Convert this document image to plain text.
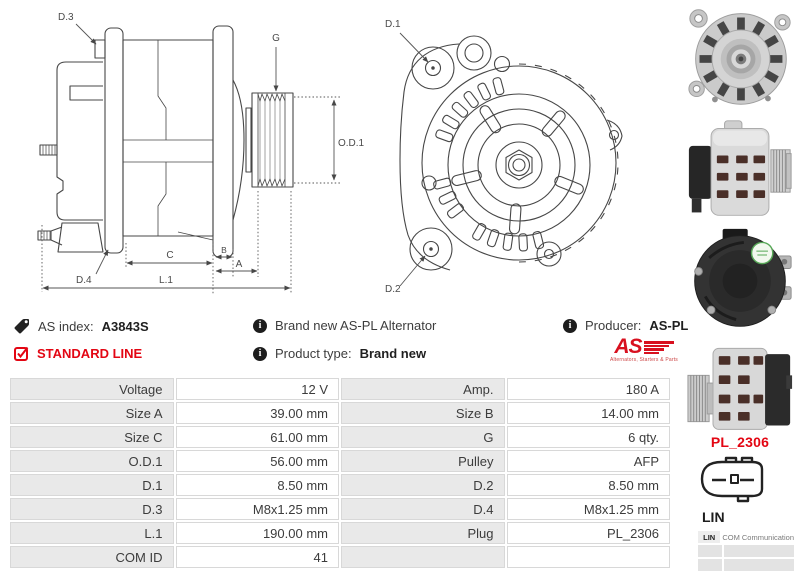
D.3
G
O.D.1
C	B
A
L.1
D.4
D.1
D.2
PL_2306
LIN
LIN COM Communication
AS index: A3843S
STANDARD LINE
i	Brand new AS-PL Alternator
i	Product type: Brand new
i	Producer: AS-PL
AS
Alternators, Starters & Parts
Voltage	12 V	Amp.	180 A
Size A	39.00 mm	Size B	14.00 mm
Size C	61.00 mm	G	6 qty.
O.D.1	56.00 mm	Pulley	AFP
D.1	8.50 mm	D.2	8.50 mm
D.3	M8x1.25 mm	D.4	M8x1.25 mm
L.1	190.00 mm	Plug	PL_2306
COM ID	41		
